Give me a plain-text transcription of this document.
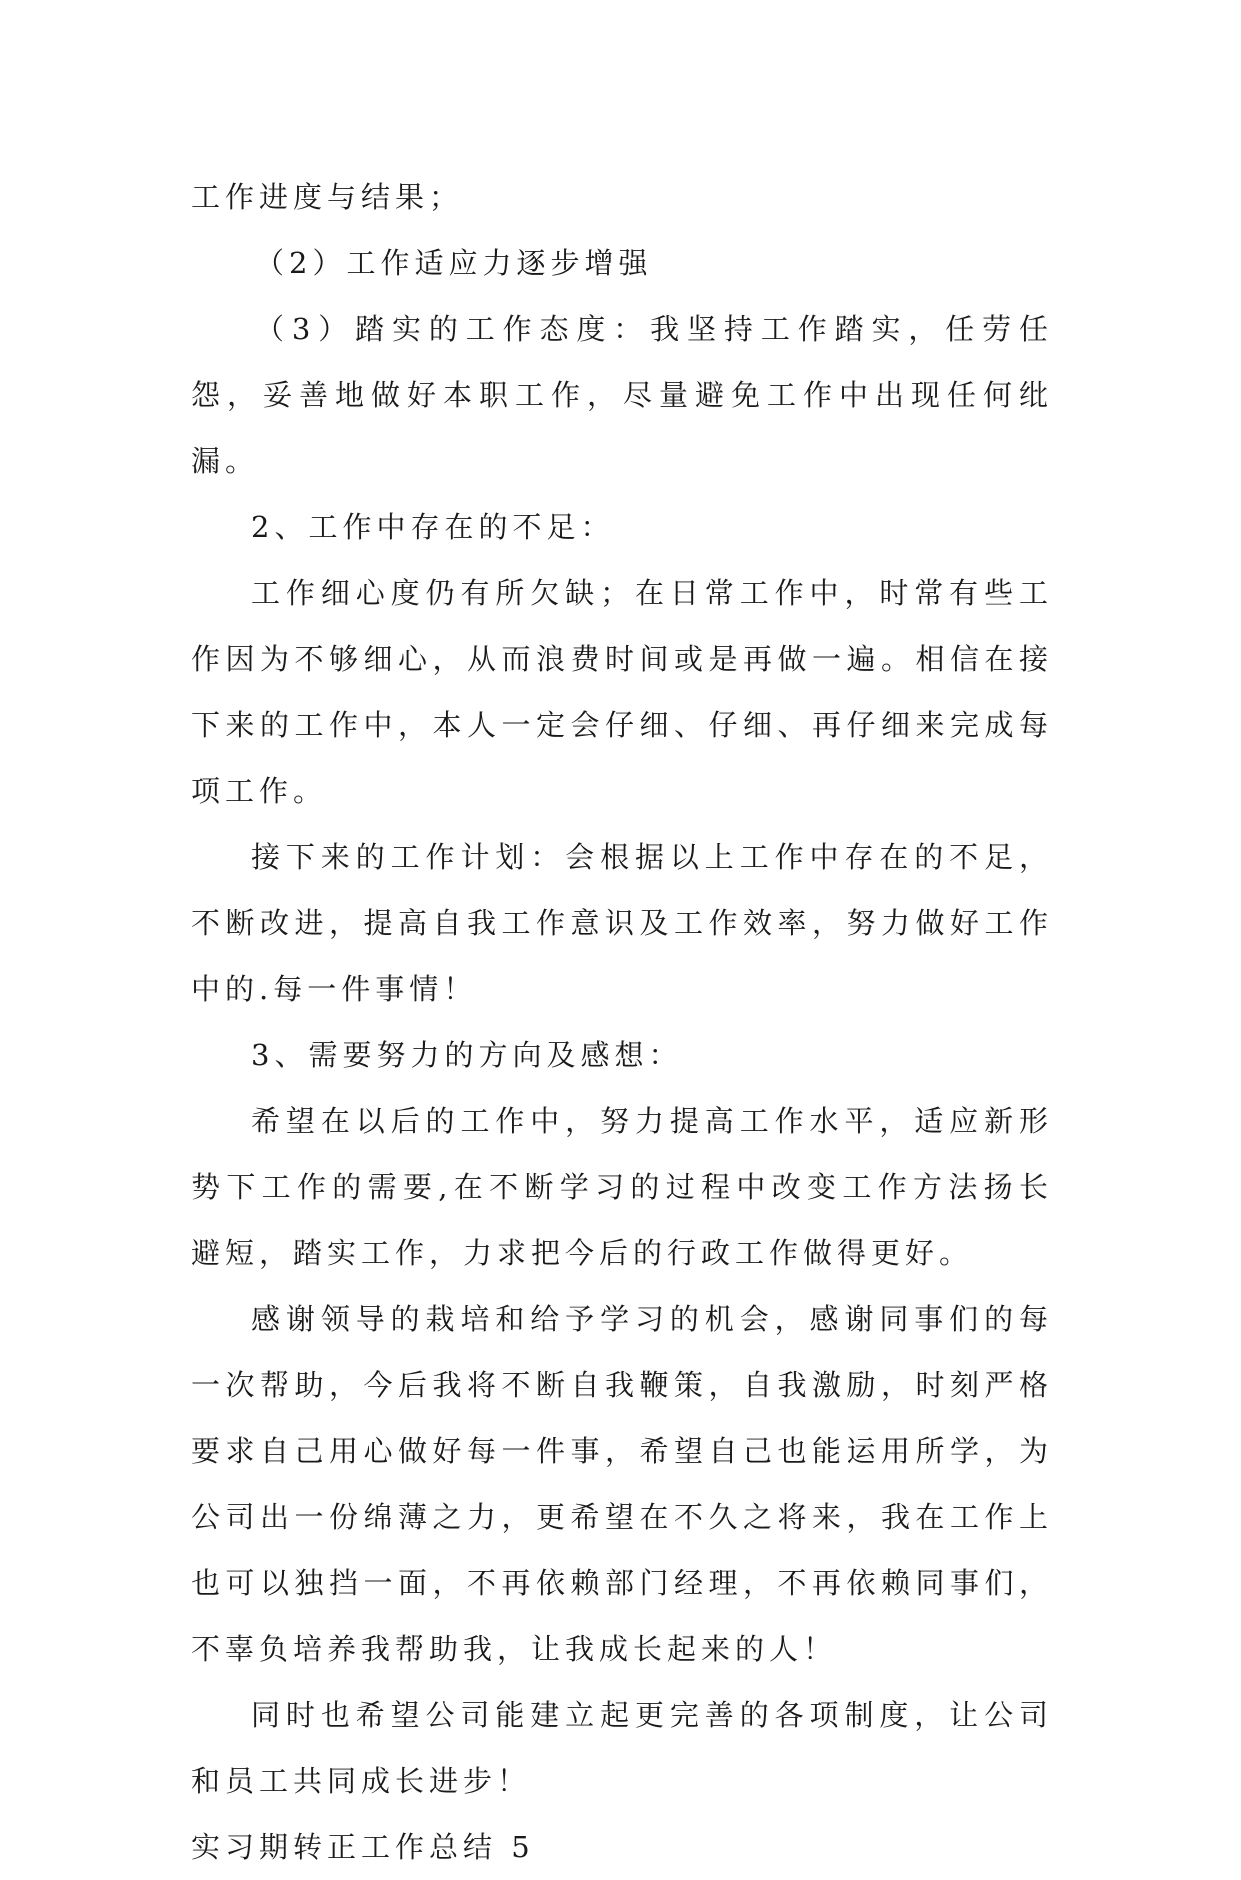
工作进度与结果；

（2）工作适应力逐步增强

（3）踏实的工作态度：我坚持工作踏实，任劳任怨，妥善地做好本职工作，尽量避免工作中出现任何纰漏。

2、工作中存在的不足：

工作细心度仍有所欠缺；在日常工作中，时常有些工作因为不够细心，从而浪费时间或是再做一遍。相信在接下来的工作中，本人一定会仔细、仔细、再仔细来完成每项工作。

接下来的工作计划：会根据以上工作中存在的不足，不断改进，提高自我工作意识及工作效率，努力做好工作中的.每一件事情！

3、需要努力的方向及感想：

希望在以后的工作中，努力提高工作水平，适应新形势下工作的需要,在不断学习的过程中改变工作方法扬长避短，踏实工作，力求把今后的行政工作做得更好。

感谢领导的栽培和给予学习的机会，感谢同事们的每一次帮助，今后我将不断自我鞭策，自我激励，时刻严格要求自己用心做好每一件事，希望自己也能运用所学，为公司出一份绵薄之力，更希望在不久之将来，我在工作上也可以独挡一面，不再依赖部门经理，不再依赖同事们，不辜负培养我帮助我，让我成长起来的人！

同时也希望公司能建立起更完善的各项制度，让公司和员工共同成长进步！

实习期转正工作总结 5
